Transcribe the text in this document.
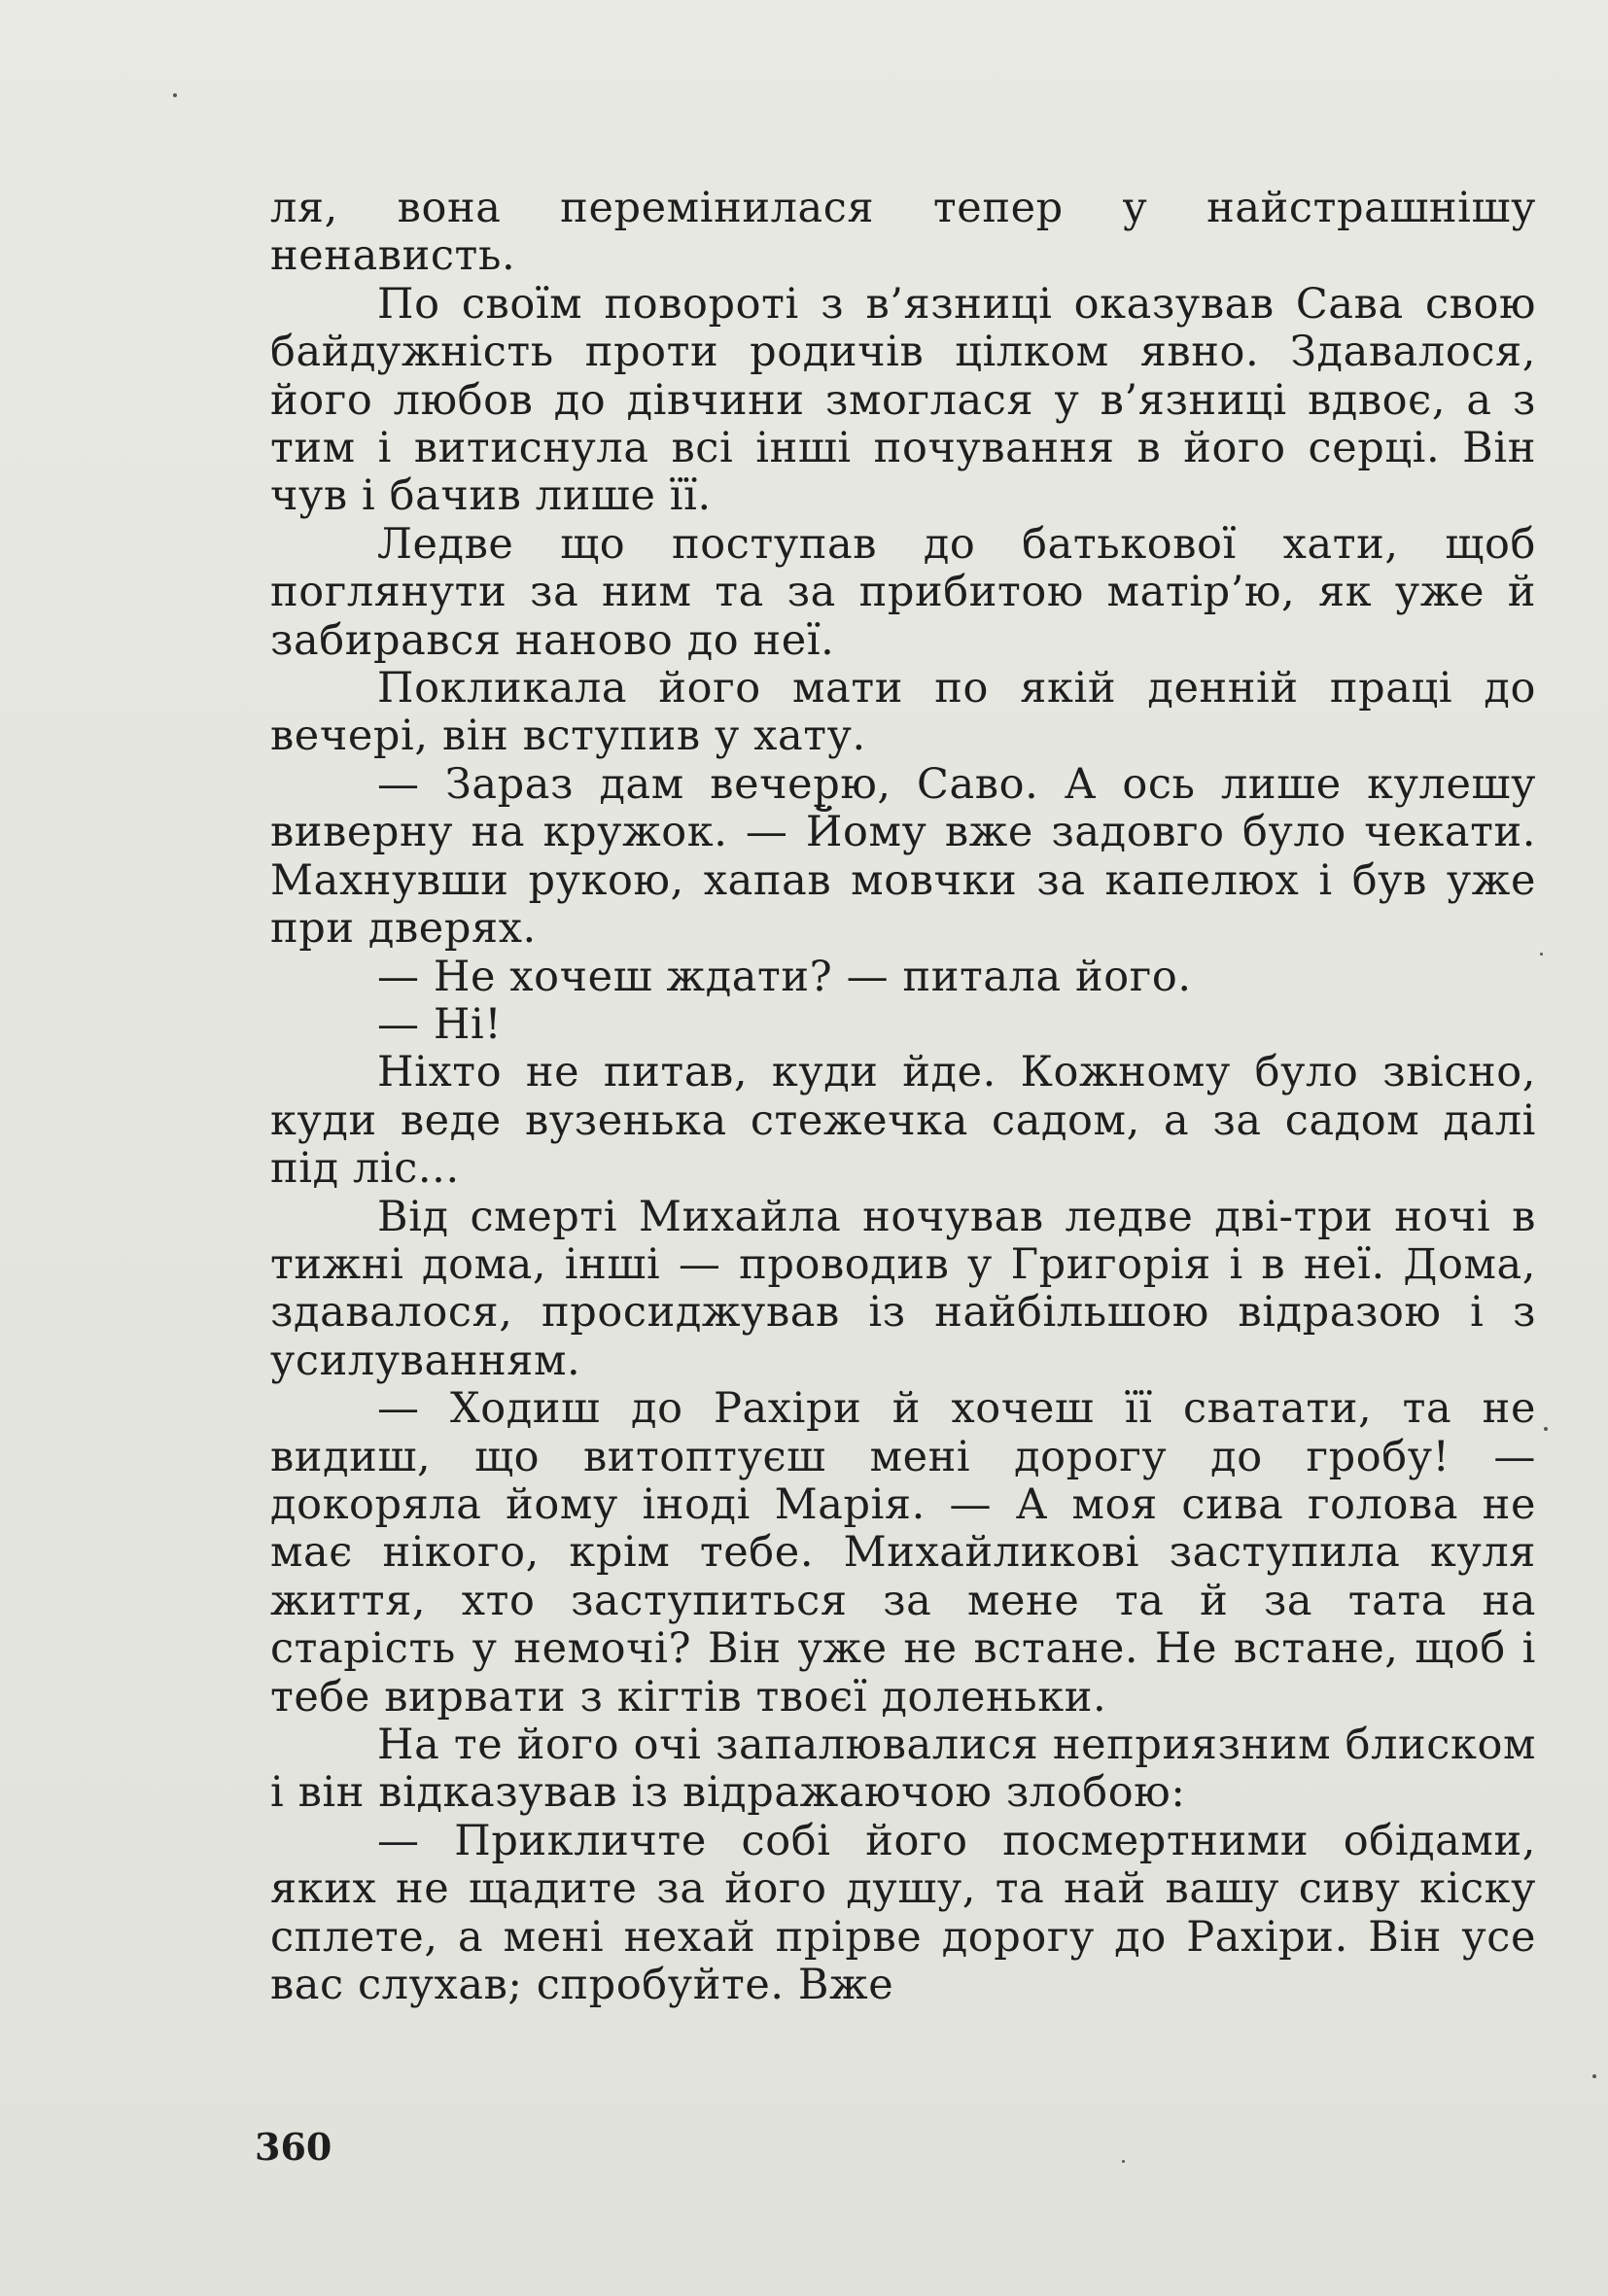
ля, вона перемінилася тепер у найстрашнішу ненависть.

По своїм повороті з в’язниці оказував Сава свою байдужність проти родичів цілком явно. Здавалося, його любов до дівчини змоглася у в’язниці вдвоє, а з тим і витиснула всі інші почування в його серці. Він чув і бачив лише її.

Ледве що поступав до батькової хати, щоб поглянути за ним та за прибитою матір’ю, як уже й забирався наново до неї.

Покликала його мати по якій денній праці до вечері, він вступив у хату.

— Зараз дам вечерю, Саво. А ось лише кулешу виверну на кружок. — Йому вже задовго було чекати. Махнувши рукою, хапав мовчки за капелюх і був уже при дверях.

— Не хочеш ждати? — питала його.

— Ні!

Ніхто не питав, куди йде. Кожному було звісно, куди веде вузенька стежечка садом, а за садом далі під ліс...

Від смерті Михайла ночував ледве дві-три ночі в тижні дома, інші — проводив у Григорія і в неї. Дома, здавалося, просиджував із найбільшою відразою і з усилуванням.

— Ходиш до Рахіри й хочеш її сватати, та не видиш, що витоптуєш мені дорогу до гробу! — докоряла йому іноді Марія. — А моя сива голова не має нікого, крім тебе. Михайликові заступила куля життя, хто заступиться за мене та й за тата на старість у немочі? Він уже не встане. Не встане, щоб і тебе вирвати з кігтів твоєї доленьки.

На те його очі запалювалися неприязним блиском і він відказував із відражаючою злобою:

— Прикличте собі його посмертними обідами, яких не щадите за його душу, та най вашу сиву кіску сплете, а мені нехай прірве дорогу до Рахіри. Він усе вас слухав; спробуйте. Вже

360
